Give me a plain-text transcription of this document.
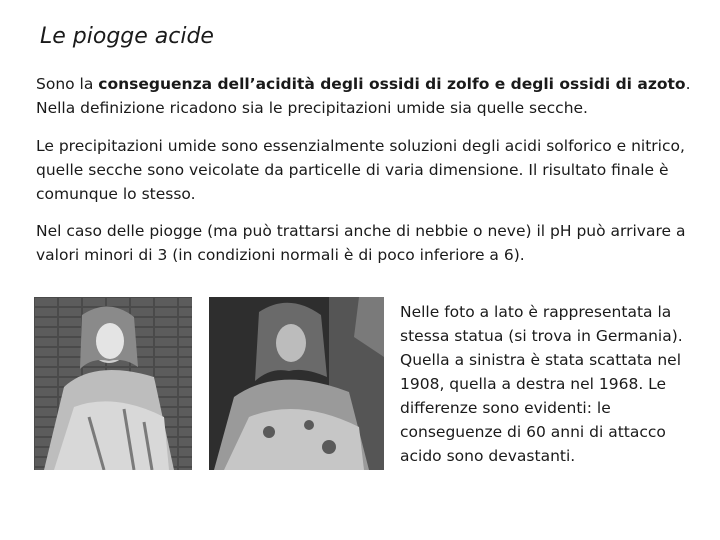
Le piogge acide

Sono la conseguenza dell’acidità degli ossidi di zolfo e degli ossidi di azoto. Nella definizione ricadono sia le precipitazioni umide sia quelle secche.

Le precipitazioni umide sono essenzialmente soluzioni degli acidi solforico e nitrico, quelle secche sono veicolate da particelle di varia dimensione. Il risultato finale è comunque lo stesso.

Nel caso delle piogge (ma può trattarsi anche di nebbie o neve) il pH può arrivare a valori minori di 3 (in condizioni normali è di poco inferiore a 6).

Nelle foto a lato è rappresentata la stessa statua (si trova in Germania). Quella a sinistra è stata scattata nel 1908, quella a destra nel 1968. Le differenze sono evidenti: le conseguenze di 60 anni di attacco acido sono devastanti.
